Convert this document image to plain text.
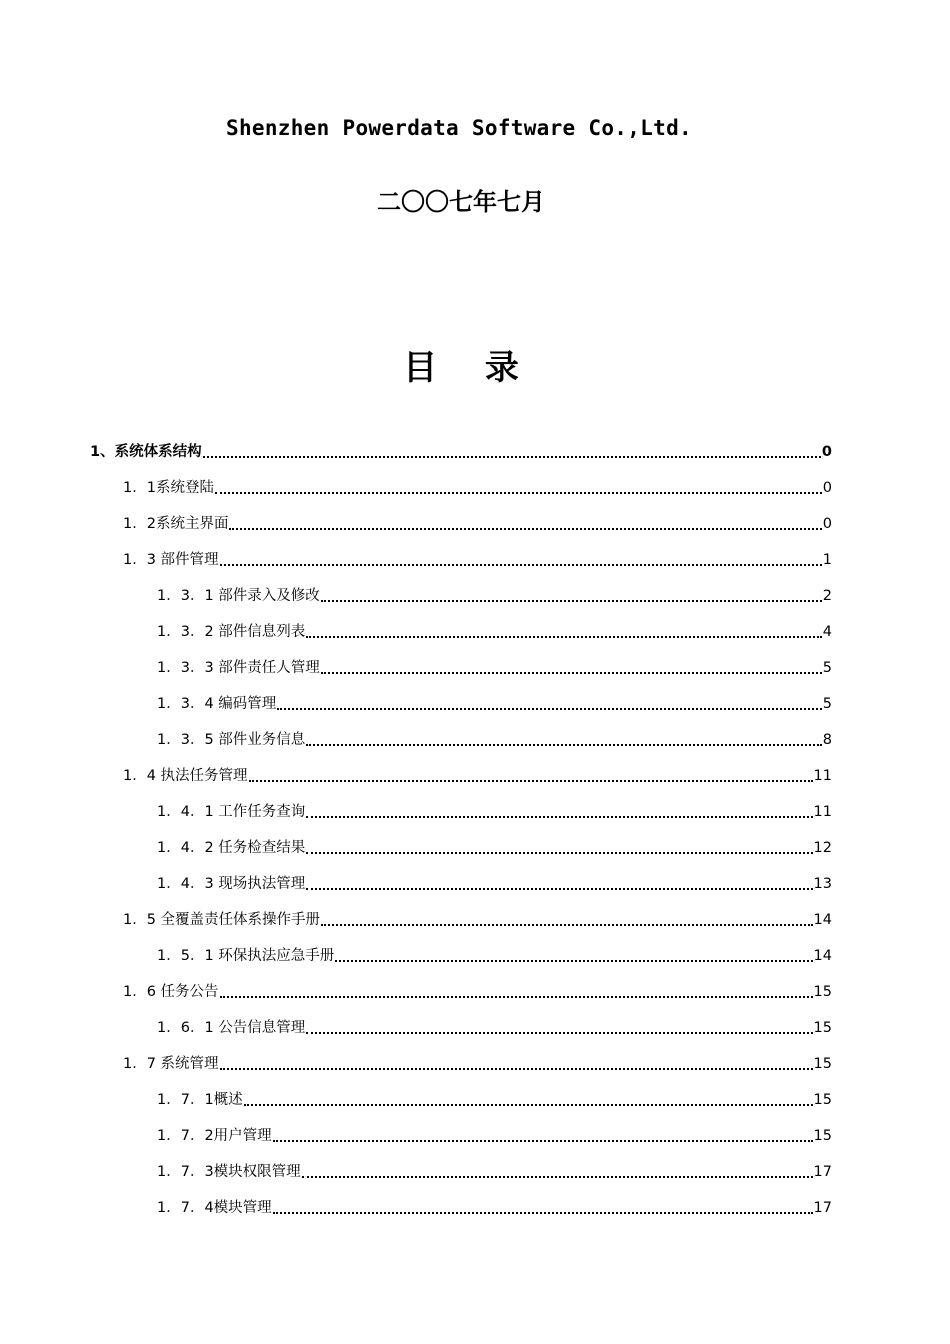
Shenzhen Powerdata Software Co.,Ltd.
二〇〇七年七月
目 录
1、系统体系结构	0
1．1系统登陆	0
1．2系统主界面	0
1．3 部件管理	1
1．3．1 部件录入及修改	2
1．3．2 部件信息列表	4
1．3．3 部件责任人管理	5
1．3．4 编码管理	5
1．3．5 部件业务信息	8
1．4 执法任务管理	11
1．4．1 工作任务查询	11
1．4．2 任务检查结果	12
1．4．3 现场执法管理	13
1．5 全覆盖责任体系操作手册	14
1．5．1 环保执法应急手册	14
1．6 任务公告	15
1．6．1 公告信息管理	15
1．7 系统管理	15
1．7．1概述	15
1．7．2用户管理	15
1．7．3模块权限管理	17
1．7．4模块管理	17
